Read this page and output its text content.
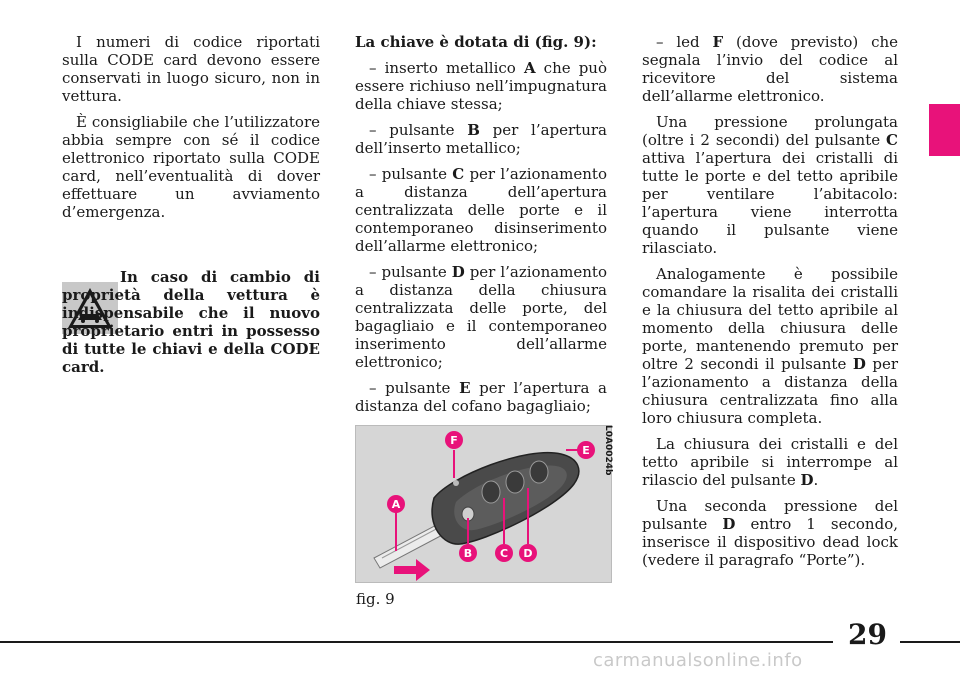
I numeri di codice riportati sulla CODE card devono essere conservati in luogo sicuro, non in vettura.

È consigliabile che l’utilizzatore abbia sempre con sé il codice elettronico riportato sulla CODE card, nell’eventualità di dover effettuare un avviamento d’emergenza.

In caso di cambio di proprietà della vettura è indispensabile che il nuovo proprietario entri in possesso di tutte le chiavi e della CODE card.

La chiave è dotata di (fig. 9):

– inserto metallico A che può essere richiuso nell’impugnatura della chiave stessa;

– pulsante B per l’apertura dell’inserto metallico;

– pulsante C per l’azionamento a distanza dell’apertura centralizzata delle porte e il contemporaneo disinserimento dell’allarme elettronico;

– pulsante D per l’azionamento a distanza della chiusura centralizzata delle porte, del bagagliaio e il contemporaneo inserimento dell’allarme elettronico;

– pulsante E per l’apertura a distanza del cofano bagagliaio;

A
B	C D
E
F	L0A0024b
fig. 9

– led F (dove previsto) che segnala l’invio del codice al ricevitore del sistema dell’allarme elettronico.

Una pressione prolungata (oltre i 2 secondi) del pulsante C attiva l’apertura dei cristalli di tutte le porte e del tetto apribile per ventilare l’abitacolo: l’apertura viene interrotta quando il pulsante viene rilasciato.

Analogamente è possibile comandare la risalita dei cristalli e la chiusura del tetto apribile al momento della chiusura delle porte, mantenendo premuto per oltre 2 secondi il pulsante D per l’azionamento a distanza della chiusura centralizzata fino alla loro chiusura completa.

La chiusura dei cristalli e del tetto apribile si interrompe al rilascio del pulsante D.

Una seconda pressione del pulsante D entro 1 secondo, inserisce il dispositivo dead lock (vedere il paragrafo “Porte”).

29
carmanualsonline.info
